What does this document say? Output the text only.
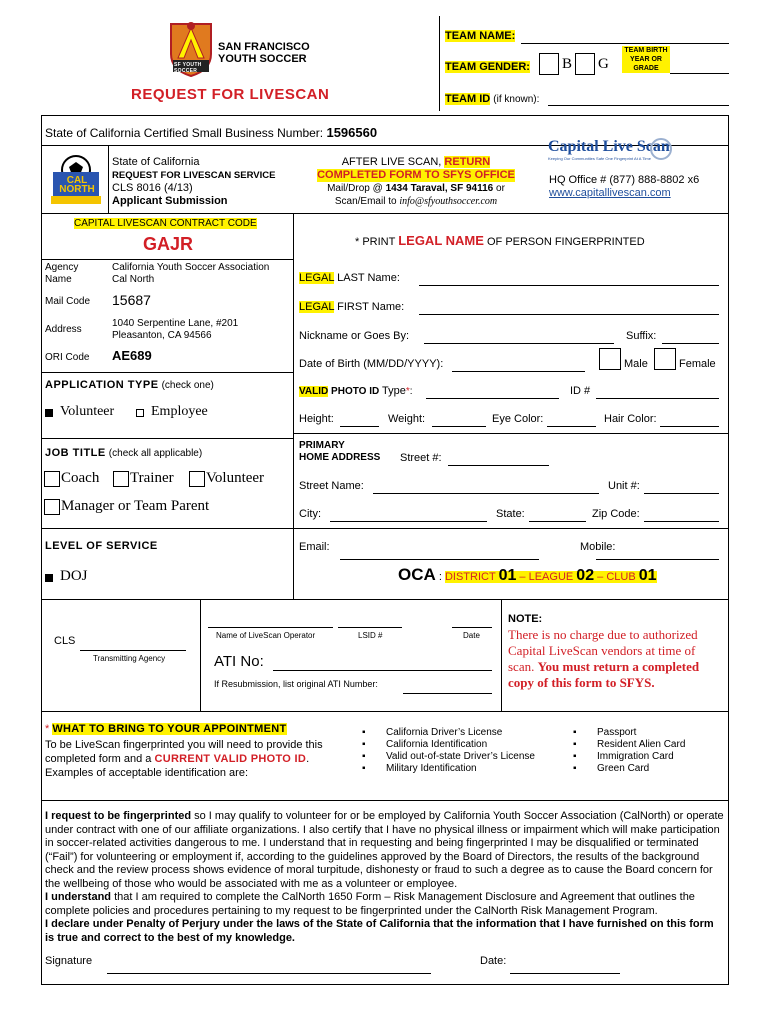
SF YOUTH SOCCER
SAN FRANCISCO
YOUTH SOCCER
REQUEST FOR LIVESCAN
TEAM NAME:
TEAM GENDER: B G
TEAM BIRTH YEAR OR GRADE
TEAM ID (if known):
State of California Certified Small Business Number: 1596560
CAL NORTH
State of California
REQUEST FOR LIVESCAN SERVICE
CLS 8016 (4/13)
Applicant Submission
AFTER LIVE SCAN, RETURN
COMPLETED FORM TO SFYS OFFICE
Mail/Drop @ 1434 Taraval, SF 94116 or
Scan/Email to info@sfyouthsoccer.com
Capital Live Scan
Keeping Our Communities Safe One Fingerprint At A Time
HQ Office # (877) 888-8802 x6
www.capitallivescan.com
CAPITAL LIVESCAN CONTRACT CODE
GAJR	* PRINT LEGAL NAME OF PERSON FINGERPRINTED
Agency Name
California Youth Soccer Association Cal North
Mail Code 15687
Address
1040 Serpentine Lane, #201
Pleasanton, CA 94566
ORI Code AE689
APPLICATION TYPE (check one)
Volunteer	Employee
JOB TITLE (check all applicable)
Coach Trainer Volunteer
Manager or Team Parent
LEVEL OF SERVICE
DOJ
LEGAL LAST Name:
LEGAL FIRST Name:
Nickname or Goes By:	Suffix:
Date of Birth (MM/DD/YYYY):	Male	Female
VALID PHOTO ID Type*:	ID #
Height:	Weight:	Eye Color:	Hair Color:
PRIMARY
HOME ADDRESS Street #:
Street Name:	Unit #:
City:	State:	Zip Code:
Email:	Mobile:
OCA : DISTRICT 01 – LEAGUE 02 – CLUB 01
CLS
Transmitting Agency
Name of LiveScan Operator	LSID #	Date
ATI No:
If Resubmission, list original ATI Number:
NOTE:
There is no charge due to authorized Capital LiveScan vendors at time of scan. You must return a completed copy of this form to SFYS.
* WHAT TO BRING TO YOUR APPOINTMENT
To be LiveScan fingerprinted you will need to provide this
completed form and a CURRENT VALID PHOTO ID.
Examples of acceptable identification are:
▪ California Driver’s License
▪ California Identification
▪ Valid out-of-state Driver’s License
▪ Military Identification
▪ Passport
▪ Resident Alien Card
▪ Immigration Card
▪ Green Card
I request to be fingerprinted so I may qualify to volunteer for or be employed by California Youth Soccer Association (CalNorth) or operate under contract with one of our affiliate organizations. I also certify that I have no physical illness or impairment which will make participation in soccer-related activities dangerous to me. I understand that in requesting and being fingerprinted I may be disqualified or terminated (“Fail”) for volunteering or employment if, according to the guidelines approved by the Board of Directors, the results of the background check and the review process shows evidence of moral turpitude, dishonesty or fraud to such a degree as to cause the Board concern for the wellbeing of those who would be associated with me as a volunteer or employee.
I understand that I am required to complete the CalNorth 1650 Form – Risk Management Disclosure and Agreement that outlines the complete policies and procedures pertaining to my request to be fingerprinted under the CalNorth Risk Management Program.
I declare under Penalty of Perjury under the laws of the State of California that the information that I have furnished on this form is true and correct to the best of my knowledge.
Signature	Date:
